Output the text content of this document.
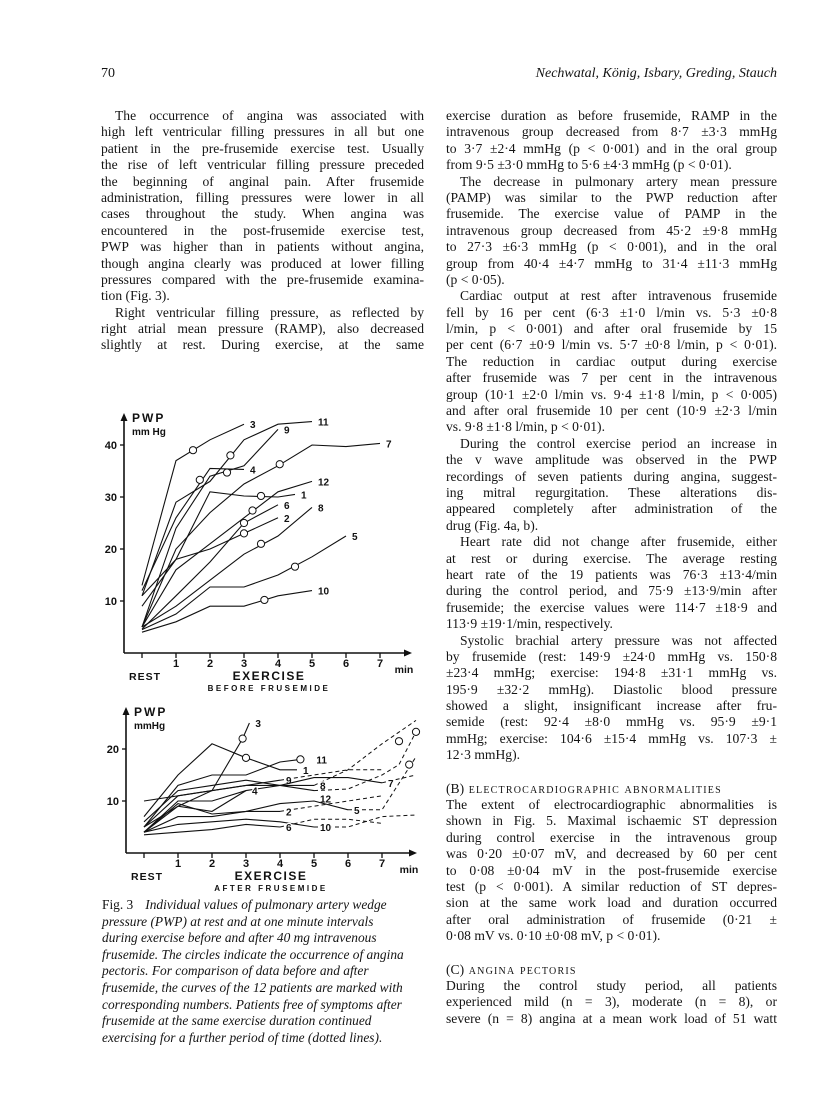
70	Nechwatal, König, Isbary, Greding, Stauch
The occurrence of angina was associated with
high left ventricular filling pressures in all but one
patient in the pre-frusemide exercise test. Usually
the rise of left ventricular filling pressure preceded
the beginning of anginal pain. After frusemide
administration, filling pressures were lower in all
cases throughout the study. When angina was
encountered in the post-frusemide exercise test,
PWP was higher than in patients without angina,
though angina clearly was produced at lower filling
pressures compared with the pre-frusemide examina-
tion (Fig. 3).
Right ventricular filling pressure, as reflected by
right atrial mean pressure (RAMP), also decreased
slightly at rest. During exercise, at the same
PWP
mm Hg
10
20
30
40
REST
1	2	3	4	5	6	7
EXERCISE	min
BEFORE FRUSEMIDE
3	11
9
4
7
12
1
6
2
8
5
10
PWP
mmHg
10
20
REST
1	2	3	4	5	6	7
EXERCISE	min
AFTER FRUSEMIDE
3
1
11
9	8
12
7
4
5
2
10
6
Fig. 3 Individual values of pulmonary artery wedge
pressure (PWP) at rest and at one minute intervals
during exercise before and after 40 mg intravenous
frusemide. The circles indicate the occurrence of angina
pectoris. For comparison of data before and after
frusemide, the curves of the 12 patients are marked with
corresponding numbers. Patients free of symptoms after
frusemide at the same exercise duration continued
exercising for a further period of time (dotted lines).
exercise duration as before frusemide, RAMP in the
intravenous group decreased from 8·7 ±3·3 mmHg
to 3·7 ±2·4 mmHg (p < 0·001) and in the oral group
from 9·5 ±3·0 mmHg to 5·6 ±4·3 mmHg (p < 0·01).
The decrease in pulmonary artery mean pressure
(PAMP) was similar to the PWP reduction after
frusemide. The exercise value of PAMP in the
intravenous group decreased from 45·2 ±9·8 mmHg
to 27·3 ±6·3 mmHg (p < 0·001), and in the oral
group from 40·4 ±4·7 mmHg to 31·4 ±11·3 mmHg
(p < 0·05).
Cardiac output at rest after intravenous frusemide
fell by 16 per cent (6·3 ±1·0 l/min vs. 5·3 ±0·8
l/min, p < 0·001) and after oral frusemide by 15
per cent (6·7 ±0·9 l/min vs. 5·7 ±0·8 l/min, p < 0·01).
The reduction in cardiac output during exercise
after frusemide was 7 per cent in the intravenous
group (10·1 ±2·0 l/min vs. 9·4 ±1·8 l/min, p < 0·005)
and after oral frusemide 10 per cent (10·9 ±2·3 l/min
vs. 9·8 ±1·8 l/min, p < 0·01).
During the control exercise period an increase in
the v wave amplitude was observed in the PWP
recordings of seven patients during angina, suggest-
ing mitral regurgitation. These alterations dis-
appeared completely after administration of the
drug (Fig. 4a, b).
Heart rate did not change after frusemide, either
at rest or during exercise. The average resting
heart rate of the 19 patients was 76·3 ±13·4/min
during the control period, and 75·9 ±13·9/min after
frusemide; the exercise values were 114·7 ±18·9 and
113·9 ±19·1/min, respectively.
Systolic brachial artery pressure was not affected
by frusemide (rest: 149·9 ±24·0 mmHg vs. 150·8
±23·4 mmHg; exercise: 194·8 ±31·1 mmHg vs.
195·9 ±32·2 mmHg). Diastolic blood pressure
showed a slight, insignificant increase after fru-
semide (rest: 92·4 ±8·0 mmHg vs. 95·9 ±9·1
mmHg; exercise: 104·6 ±15·4 mmHg vs. 107·3 ±
12·3 mmHg).
(B) electrocardiographic abnormalities
The extent of electrocardiographic abnormalities is
shown in Fig. 5. Maximal ischaemic ST depression
during control exercise in the intravenous group
was 0·20 ±0·07 mV, and decreased by 60 per cent
to 0·08 ±0·04 mV in the post-frusemide exercise
test (p < 0·001). A similar reduction of ST depres-
sion at the same work load and duration occurred
after oral administration of frusemide (0·21 ±
0·08 mV vs. 0·10 ±0·08 mV, p < 0·01).
(C) angina pectoris
During the control study period, all patients
experienced mild (n = 3), moderate (n = 8), or
severe (n = 8) angina at a mean work load of 51 watt
